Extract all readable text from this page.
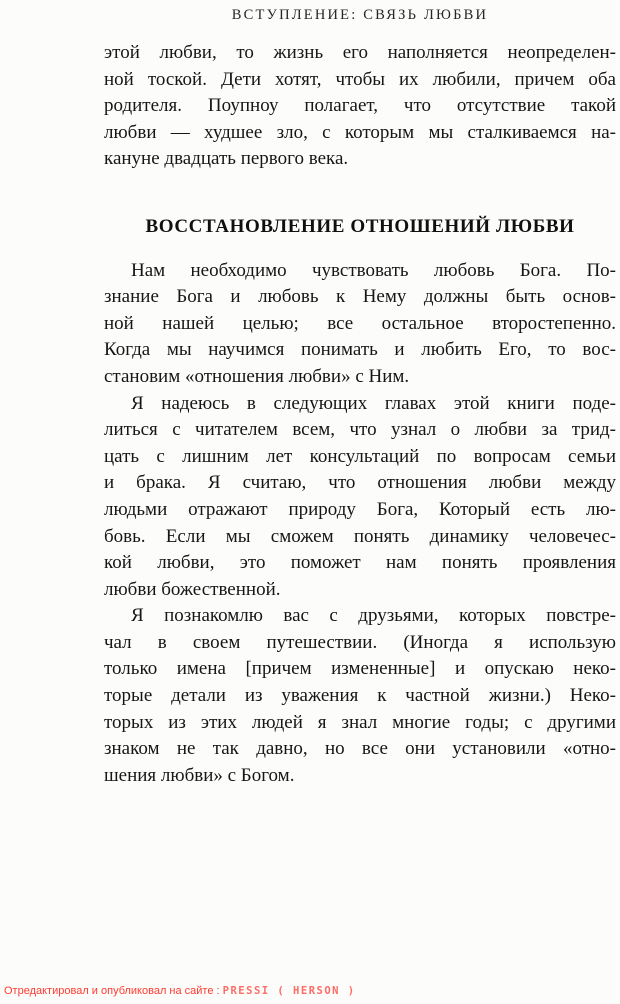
ВСТУПЛЕНИЕ: СВЯЗЬ ЛЮБВИ
этой любви, то жизнь его наполняется неопределен-
ной тоской. Дети хотят, чтобы их любили, причем оба
родителя. Поупноу полагает, что отсутствие такой
любви — худшее зло, с которым мы сталкиваемся на-
кануне двадцать первого века.
ВОССТАНОВЛЕНИЕ ОТНОШЕНИЙ ЛЮБВИ
Нам необходимо чувствовать любовь Бога. По-
знание Бога и любовь к Нему должны быть основ-
ной нашей целью; все остальное второстепенно.
Когда мы научимся понимать и любить Его, то вос-
становим «отношения любви» с Ним.
Я надеюсь в следующих главах этой книги поде-
литься с читателем всем, что узнал о любви за трид-
цать с лишним лет консультаций по вопросам семьи
и брака. Я считаю, что отношения любви между
людьми отражают природу Бога, Который есть лю-
бовь. Если мы сможем понять динамику человечес-
кой любви, это поможет нам понять проявления
любви божественной.
Я познакомлю вас с друзьями, которых повстре-
чал в своем путешествии. (Иногда я использую
только имена [причем измененные] и опускаю неко-
торые детали из уважения к частной жизни.) Неко-
торых из этих людей я знал многие годы; с другими
знаком не так давно, но все они установили «отно-
шения любви» с Богом.
Отредактировал и опубликовал на сайте : PRESSI ( HERSON )
